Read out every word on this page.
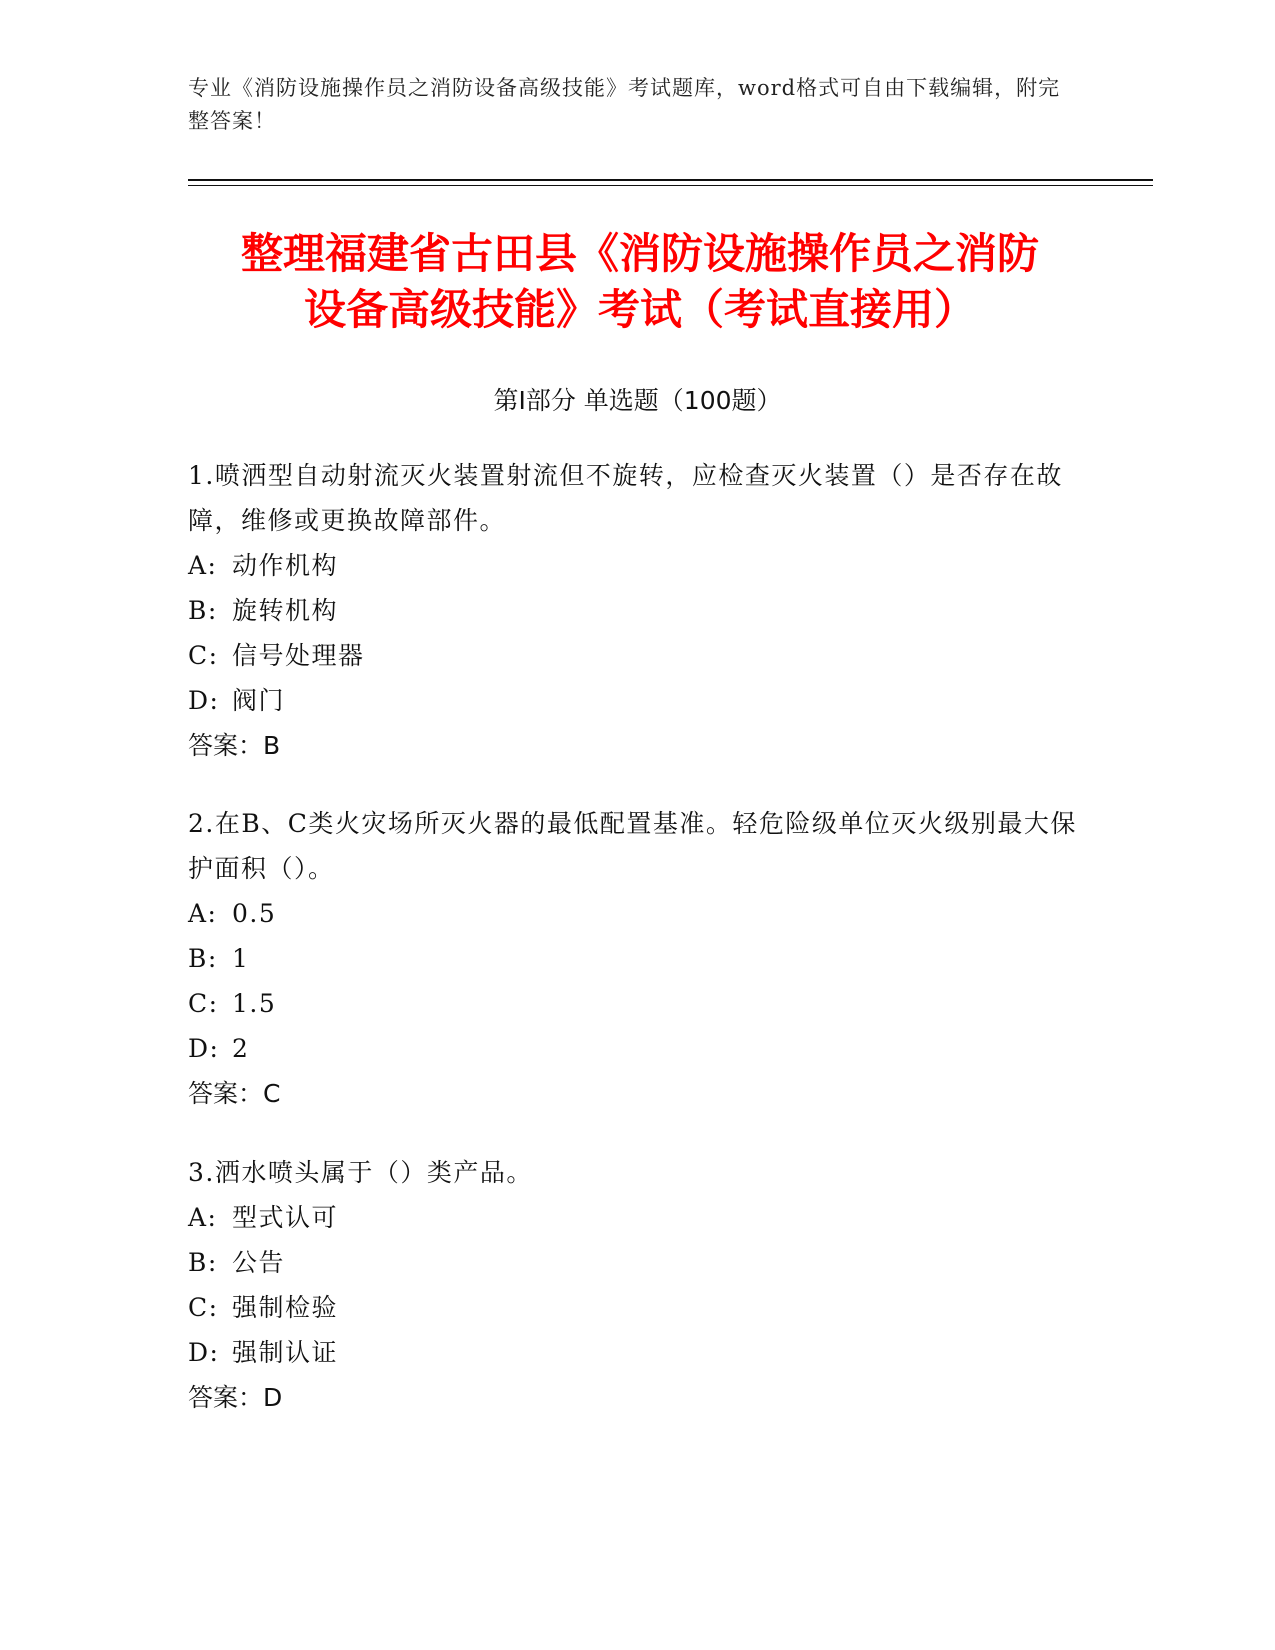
专业《消防设施操作员之消防设备高级技能》考试题库，word格式可自由下载编辑，附完整答案！
整理福建省古田县《消防设施操作员之消防
设备高级技能》考试（考试直接用）
第Ⅰ部分 单选题（100题）

1.喷洒型自动射流灭火装置射流但不旋转，应检查灭火装置（）是否存在故障，维修或更换故障部件。

A: 动作机构

B: 旋转机构

C: 信号处理器

D: 阀门

答案：B

2.在B、C类火灾场所灭火器的最低配置基准。轻危险级单位灭火级别最大保护面积（）。

A: 0.5

B: 1

C: 1.5

D: 2

答案：C

3.洒水喷头属于（）类产品。

A: 型式认可

B: 公告

C: 强制检验

D: 强制认证

答案：D
